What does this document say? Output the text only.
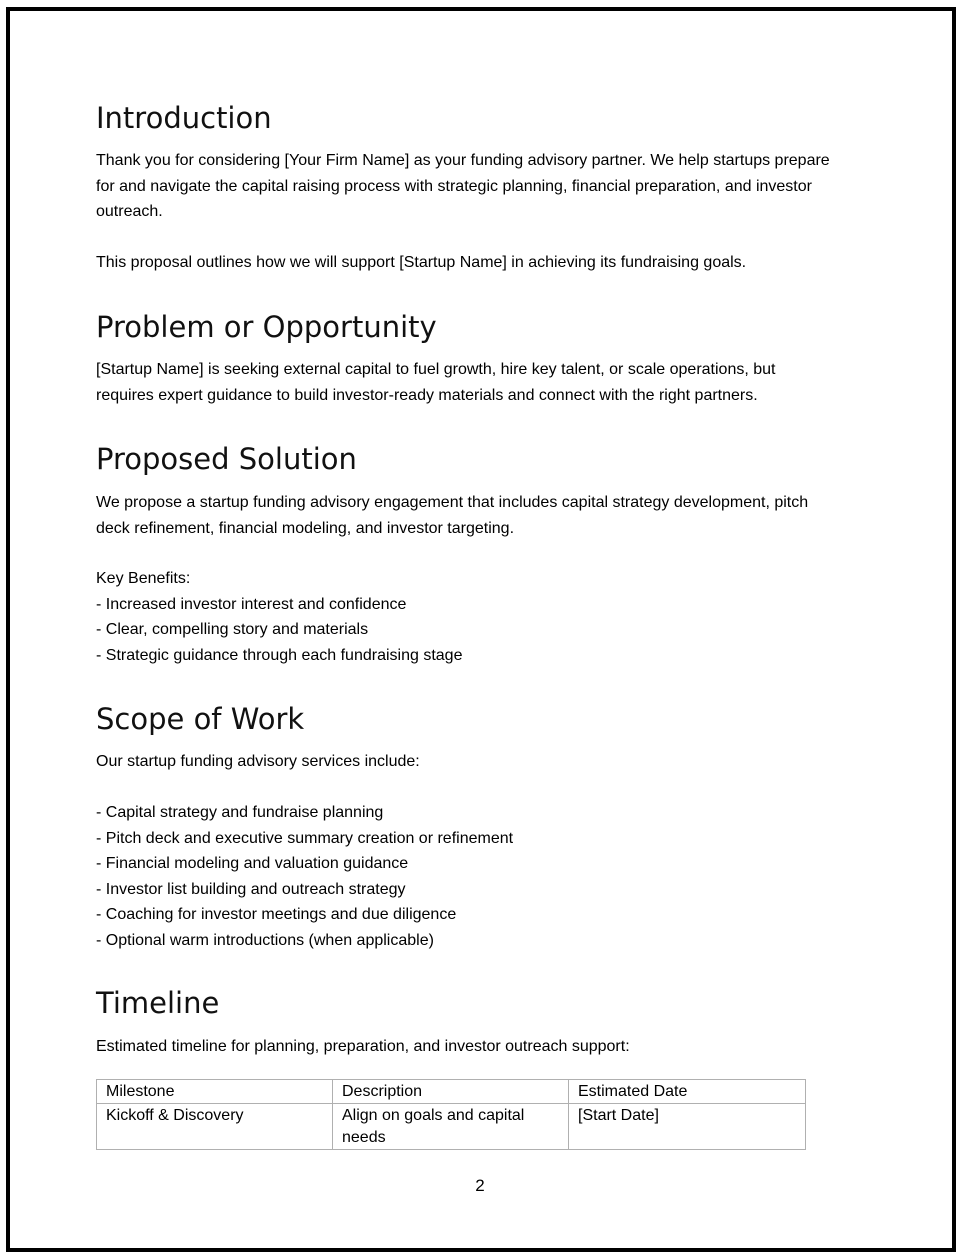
Introduction
Thank you for considering [Your Firm Name] as your funding advisory partner. We help startups prepare
for and navigate the capital raising process with strategic planning, financial preparation, and investor
outreach.
This proposal outlines how we will support [Startup Name] in achieving its fundraising goals.
Problem or Opportunity
[Startup Name] is seeking external capital to fuel growth, hire key talent, or scale operations, but
requires expert guidance to build investor-ready materials and connect with the right partners.
Proposed Solution
We propose a startup funding advisory engagement that includes capital strategy development, pitch
deck refinement, financial modeling, and investor targeting.
Key Benefits:
- Increased investor interest and confidence
- Clear, compelling story and materials
- Strategic guidance through each fundraising stage
Scope of Work
Our startup funding advisory services include:
- Capital strategy and fundraise planning
- Pitch deck and executive summary creation or refinement
- Financial modeling and valuation guidance
- Investor list building and outreach strategy
- Coaching for investor meetings and due diligence
- Optional warm introductions (when applicable)
Timeline
Estimated timeline for planning, preparation, and investor outreach support:
Milestone	Description	Estimated Date
Kickoff & Discovery	Align on goals and capital needs	[Start Date]
2
